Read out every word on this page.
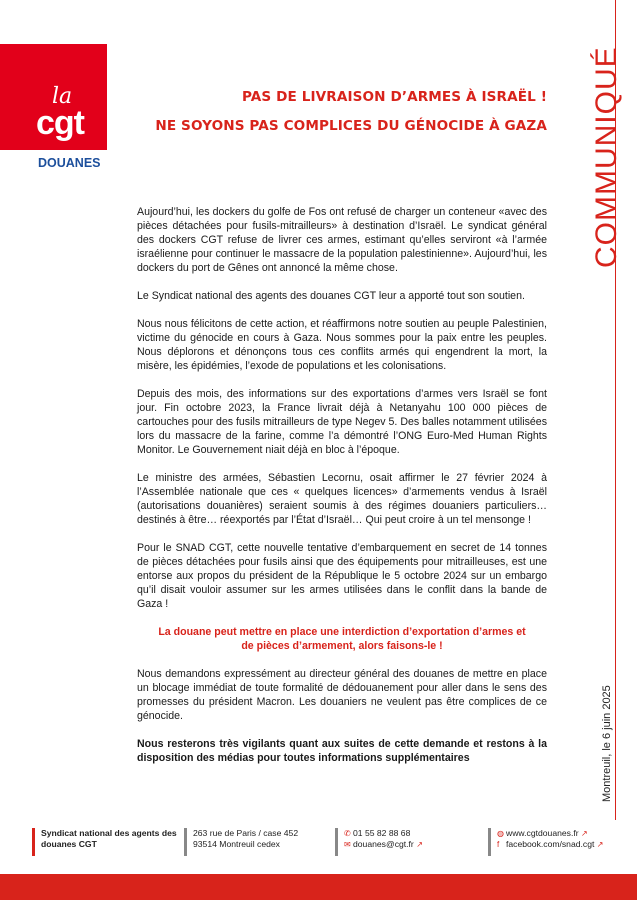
la
cgt
DOUANES
PAS DE LIVRAISON D’ARMES À ISRAËL !
NE SOYONS PAS COMPLICES DU GÉNOCIDE À GAZA COMMUNIQUÉ
Montreuil, le 6 juin 2025

Aujourd’hui, les dockers du golfe de Fos ont refusé de charger un conteneur «avec des pièces détachées pour fusils-mitrailleurs» à destination d’Israël. Le syndicat général des dockers CGT refuse de livrer ces armes, estimant qu’elles serviront «à l’armée israélienne pour continuer le massacre de la population palestinienne». Aujourd’hui, les dockers du port de Gênes ont annoncé la même chose.

Le Syndicat national des agents des douanes CGT leur a apporté tout son soutien.

Nous nous félicitons de cette action, et réaffirmons notre soutien au peuple Palestinien, victime du génocide en cours à Gaza. Nous sommes pour la paix entre les peuples. Nous déplorons et dénonçons tous ces conflits armés qui engendrent la mort, la misère, les épidémies, l’exode de populations et les colonisations.

Depuis des mois, des informations sur des exportations d’armes vers Israël se font jour. Fin octobre 2023, la France livrait déjà à Netanyahu 100 000 pièces de cartouches pour des fusils mitrailleurs de type Negev 5. Des balles notamment utilisées lors du massacre de la farine, comme l’a démontré l’ONG Euro-Med Human Rights Monitor. Le Gouvernement niait déjà en bloc à l’époque.

Le ministre des armées, Sébastien Lecornu, osait affirmer le 27 février 2024 à l’Assemblée nationale que ces « quelques licences» d’armements vendus à Israël (autorisations douanières) seraient soumis à des régimes douaniers particuliers… destinés à être… réexportés par l’État d’Israël… Qui peut croire à un tel mensonge !

Pour le SNAD CGT, cette nouvelle tentative d’embarquement en secret de 14 tonnes de pièces détachées pour fusils ainsi que des équipements pour mitrailleuses, est une entorse aux propos du président de la République le 5 octobre 2024 sur un embargo qu’il disait vouloir assumer sur les armes utilisées dans le conflit dans la bande de Gaza !

La douane peut mettre en place une interdiction d’exportation d’armes et
de pièces d’armement, alors faisons-le !

Nous demandons expressément au directeur général des douanes de mettre en place un blocage immédiat de toute formalité de dédouanement pour aller dans le sens des promesses du président Macron. Les douaniers ne veulent pas être complices de ce génocide.

Nous resterons très vigilants quant aux suites de cette demande et restons à la disposition des médias pour toutes informations supplémentaires

Syndicat national des agents des
douanes CGT
263 rue de Paris / case 452
93514 Montreuil cedex
✆ 01 55 82 88 68
✉ douanes@cgt.fr ↗
◍ www.cgtdouanes.fr ↗
f facebook.com/snad.cgt ↗
